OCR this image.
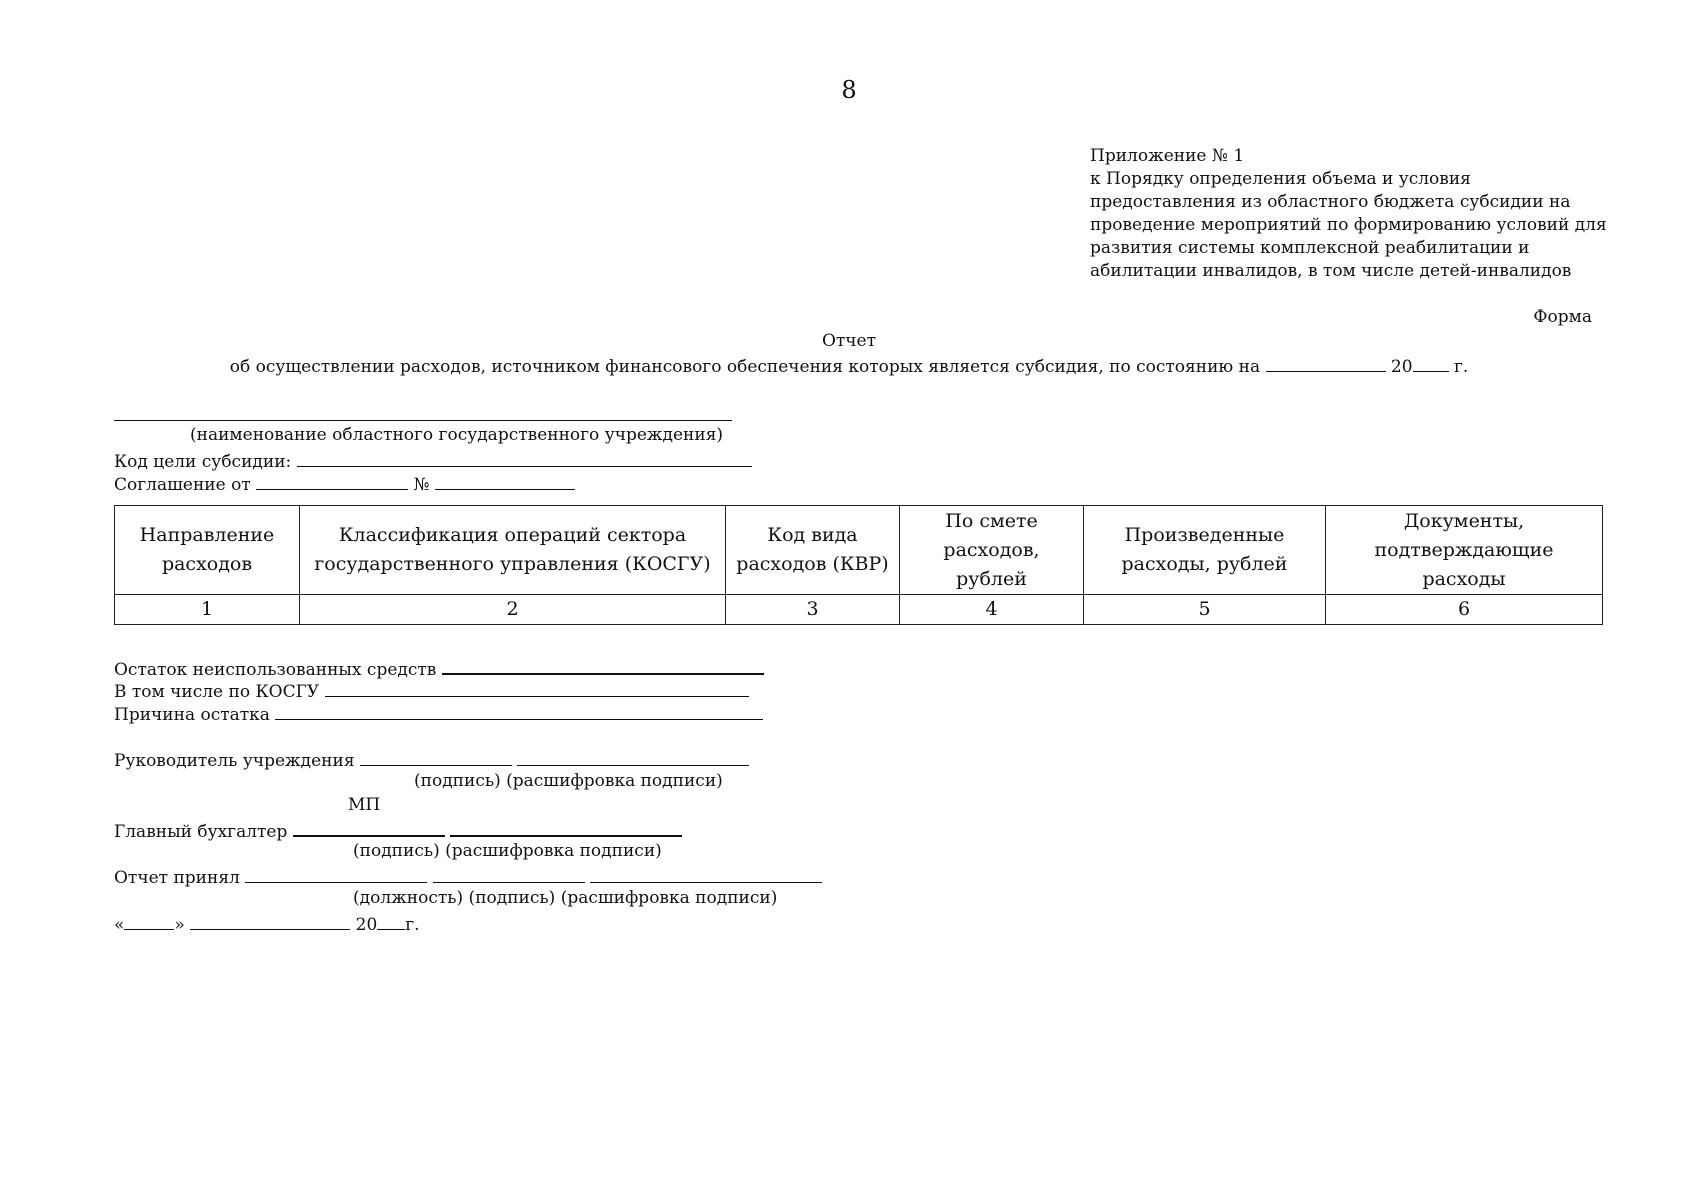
8
Приложение № 1
к Порядку определения объема и условия
предоставления из областного бюджета субсидии на
проведение мероприятий по формированию условий для
развития системы комплексной реабилитации и
абилитации инвалидов, в том числе детей-инвалидов
Форма
Отчет
об осуществлении расходов, источником финансового обеспечения которых является субсидия, по состоянию на	20 г.
(наименование областного государственного учреждения)
Код цели субсидии:
Соглашение от	№
Направление расходов	Классификация операций сектора государственного управления (КОСГУ)	Код вида расходов (КВР)	По смете расходов, рублей	Произведенные расходы, рублей	Документы, подтверждающие расходы
1	2	3	4	5	6
Остаток неиспользованных средств
В том числе по КОСГУ
Причина остатка
Руководитель учреждения
(подпись) (расшифровка подписи)
МП
Главный бухгалтер
(подпись) (расшифровка подписи)
Отчет принял
(должность) (подпись) (расшифровка подписи)
«	»	20 г.
